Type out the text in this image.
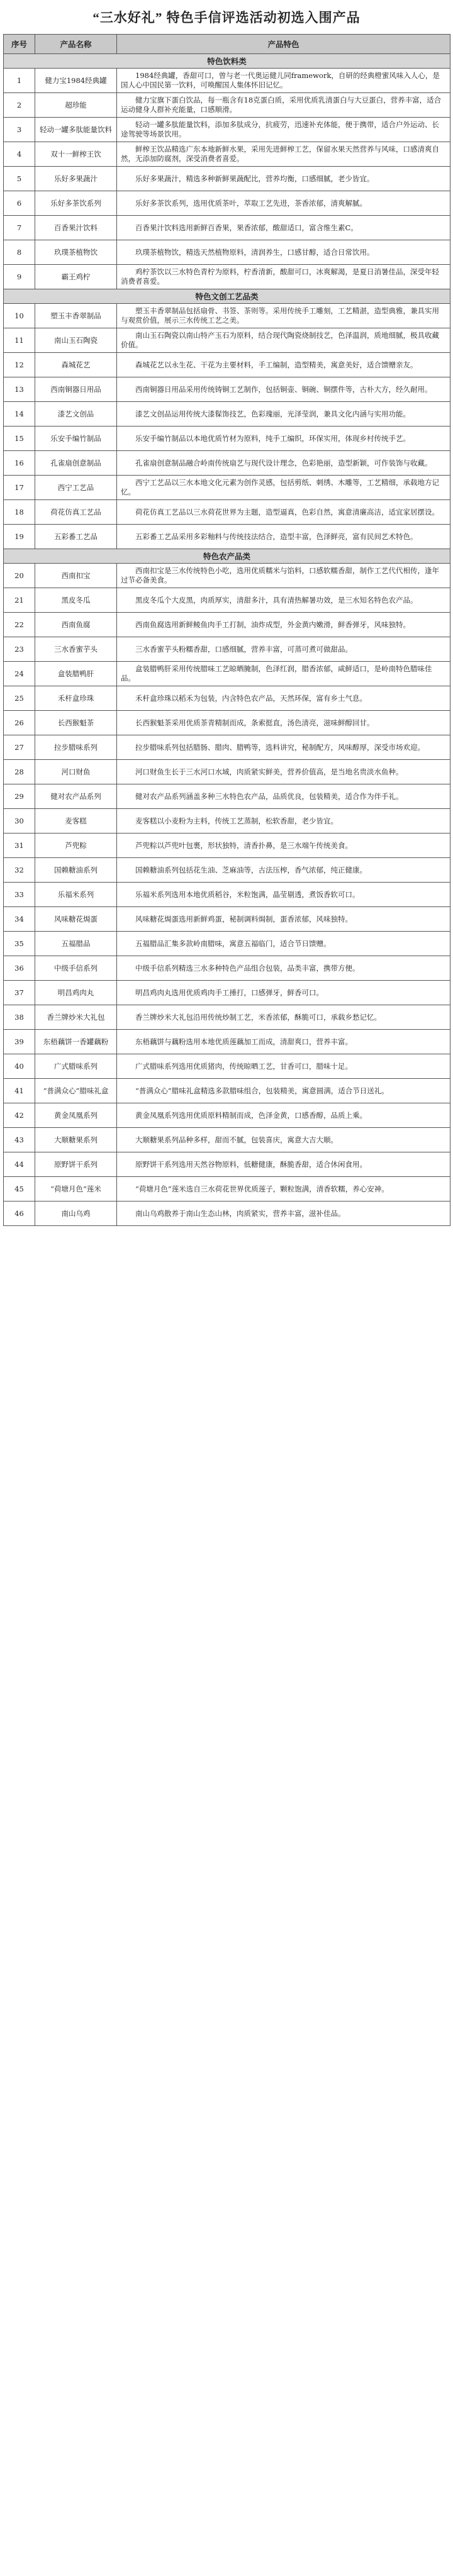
“三水好礼” 特色手信评选活动初选入围产品
序号	产品名称	产品特色
特色饮料类		
1	健力宝1984经典罐	1984经典罐，香甜可口，曾与老一代奥运健儿同framework，自研的经典橙蜜风味入人心，是国人心中国民第一饮料，可唤醒国人集体怀旧记忆。
2	超珍能	健力宝旗下蛋白饮品，每一瓶含有18克蛋白质，采用优质乳清蛋白与大豆蛋白，营养丰富，适合运动健身人群补充能量，口感顺滑。
3	轻动一罐多肽能量饮料	轻动一罐多肽能量饮料，添加多肽成分，抗疲劳，迅速补充体能，便于携带，适合户外运动、长途驾驶等场景饮用。
4	双十一鲜榨王饮	鲜榨王饮品精选广东本地新鲜水果，采用先进鲜榨工艺，保留水果天然营养与风味，口感清爽自然，无添加防腐剂，深受消费者喜爱。
5	乐好多果蔬汁	乐好多果蔬汁，精选多种新鲜果蔬配比，营养均衡，口感细腻，老少皆宜。
6	乐好多茶饮系列	乐好多茶饮系列，选用优质茶叶，萃取工艺先进，茶香浓郁，清爽解腻。
7	百香果汁饮料	百香果汁饮料选用新鲜百香果，果香浓郁，酸甜适口，富含维生素C。
8	玖璞茶植物饮	玖璞茶植物饮，精选天然植物原料，清润养生，口感甘醇，适合日常饮用。
9	霸王鸡柠	鸡柠茶饮以三水特色青柠为原料，柠香清新，酸甜可口，冰爽解渴，是夏日消暑佳品，深受年轻消费者喜爱。
特色文创工艺品类		
10	塑玉丰香翠制品	塑玉丰香翠制品包括扇骨、书签、茶则等。采用传统手工雕刻，工艺精湛，造型典雅，兼具实用与观赏价值，展示三水传统工艺之美。
11	南山玉石陶瓷	南山玉石陶瓷以南山特产玉石为原料，结合现代陶瓷烧制技艺，色泽温润，质地细腻，极具收藏价值。
12	森城花艺	森城花艺以永生花、干花为主要材料，手工编制，造型精美，寓意美好，适合馈赠亲友。
13	西南铜器日用品	西南铜器日用品采用传统铸铜工艺制作，包括铜壶、铜碗、铜摆件等，古朴大方，经久耐用。
14	漆艺文创品	漆艺文创品运用传统大漆髹饰技艺，色彩瑰丽，光泽莹润，兼具文化内涵与实用功能。
15	乐安手编竹制品	乐安手编竹制品以本地优质竹材为原料，纯手工编织，环保实用，体现乡村传统手艺。
16	孔雀扇创意制品	孔雀扇创意制品融合岭南传统扇艺与现代设计理念，色彩艳丽，造型新颖，可作装饰与收藏。
17	西宁工艺品	西宁工艺品以三水本地文化元素为创作灵感，包括剪纸、刺绣、木雕等，工艺精细，承载地方记忆。
18	荷花仿真工艺品	荷花仿真工艺品以三水荷花世界为主题，造型逼真，色彩自然，寓意清廉高洁，适宜家居摆设。
19	五彩番工艺品	五彩番工艺品采用多彩釉料与传统技法结合，造型丰富，色泽鲜亮，富有民间艺术特色。
特色农产品类		
20	西南扣宝	西南扣宝是三水传统特色小吃，选用优质糯米与馅料，口感软糯香甜，制作工艺代代相传，逢年过节必备美食。
21	黑皮冬瓜	黑皮冬瓜个大皮黑，肉质厚实，清甜多汁，具有清热解暑功效，是三水知名特色农产品。
22	西南鱼腐	西南鱼腐选用新鲜鲮鱼肉手工打制，油炸成型，外金黄内嫩滑，鲜香弹牙，风味独特。
23	三水香蜜芋头	三水香蜜芋头粉糯香甜，口感细腻，营养丰富，可蒸可煮可做甜品。
24	盒装腊鸭肝	盒装腊鸭肝采用传统腊味工艺晾晒腌制，色泽红润，腊香浓郁，咸鲜适口，是岭南特色腊味佳品。
25	禾杆盒珍珠	禾杆盒珍珠以稻禾为包装，内含特色农产品，天然环保，富有乡土气息。
26	长西猴魁茶	长西猴魁茶采用优质茶青精制而成，条索挺直，汤色清亮，滋味鲜醇回甘。
27	拉步腊味系列	拉步腊味系列包括腊肠、腊肉、腊鸭等，选料讲究，秘制配方，风味醇厚，深受市场欢迎。
28	河口财鱼	河口财鱼生长于三水河口水域，肉质紧实鲜美，营养价值高，是当地名贵淡水鱼种。
29	健对农产品系列	健对农产品系列涵盖多种三水特色农产品，品质优良，包装精美，适合作为伴手礼。
30	麦客糕	麦客糕以小麦粉为主料，传统工艺蒸制，松软香甜，老少皆宜。
31	芦兜粽	芦兜粽以芦兜叶包裹，形状独特，清香扑鼻，是三水端午传统美食。
32	国赖糖油系列	国赖糖油系列包括花生油、芝麻油等，古法压榨，香气浓郁，纯正健康。
33	乐福米系列	乐福米系列选用本地优质稻谷，米粒饱满，晶莹剔透，煮饭香软可口。
34	风味糖花焗蛋	风味糖花焗蛋选用新鲜鸡蛋，秘制调料焗制，蛋香浓郁，风味独特。
35	五福腊品	五福腊品汇集多款岭南腊味，寓意五福临门，适合节日馈赠。
36	中级手信系列	中级手信系列精选三水多种特色产品组合包装，品类丰富，携带方便。
37	明昌鸡肉丸	明昌鸡肉丸选用优质鸡肉手工捶打，口感弹牙，鲜香可口。
38	香兰牌炒米大礼包	香兰牌炒米大礼包沿用传统炒制工艺，米香浓郁，酥脆可口，承载乡愁记忆。
39	东梧藕饼一香罐藕粉	东梧藕饼与藕粉选用本地优质莲藕加工而成，清甜爽口，营养丰富。
40	广式腊味系列	广式腊味系列选用优质猪肉，传统晾晒工艺，甘香可口，腊味十足。
41	“普满众心”腊味礼盒	“普满众心”腊味礼盒精选多款腊味组合，包装精美，寓意圆满，适合节日送礼。
42	黄金凤凰系列	黄金凤凰系列选用优质原料精制而成，色泽金黄，口感香醇，品质上乘。
43	大顺糖果系列	大顺糖果系列品种多样，甜而不腻，包装喜庆，寓意大吉大顺。
44	原野饼干系列	原野饼干系列选用天然谷物原料，低糖健康，酥脆香甜，适合休闲食用。
45	“荷塘月色”莲米	“荷塘月色”莲米选自三水荷花世界优质莲子，颗粒饱满，清香软糯，养心安神。
46	南山乌鸡	南山乌鸡散养于南山生态山林，肉质紧实，营养丰富，滋补佳品。
